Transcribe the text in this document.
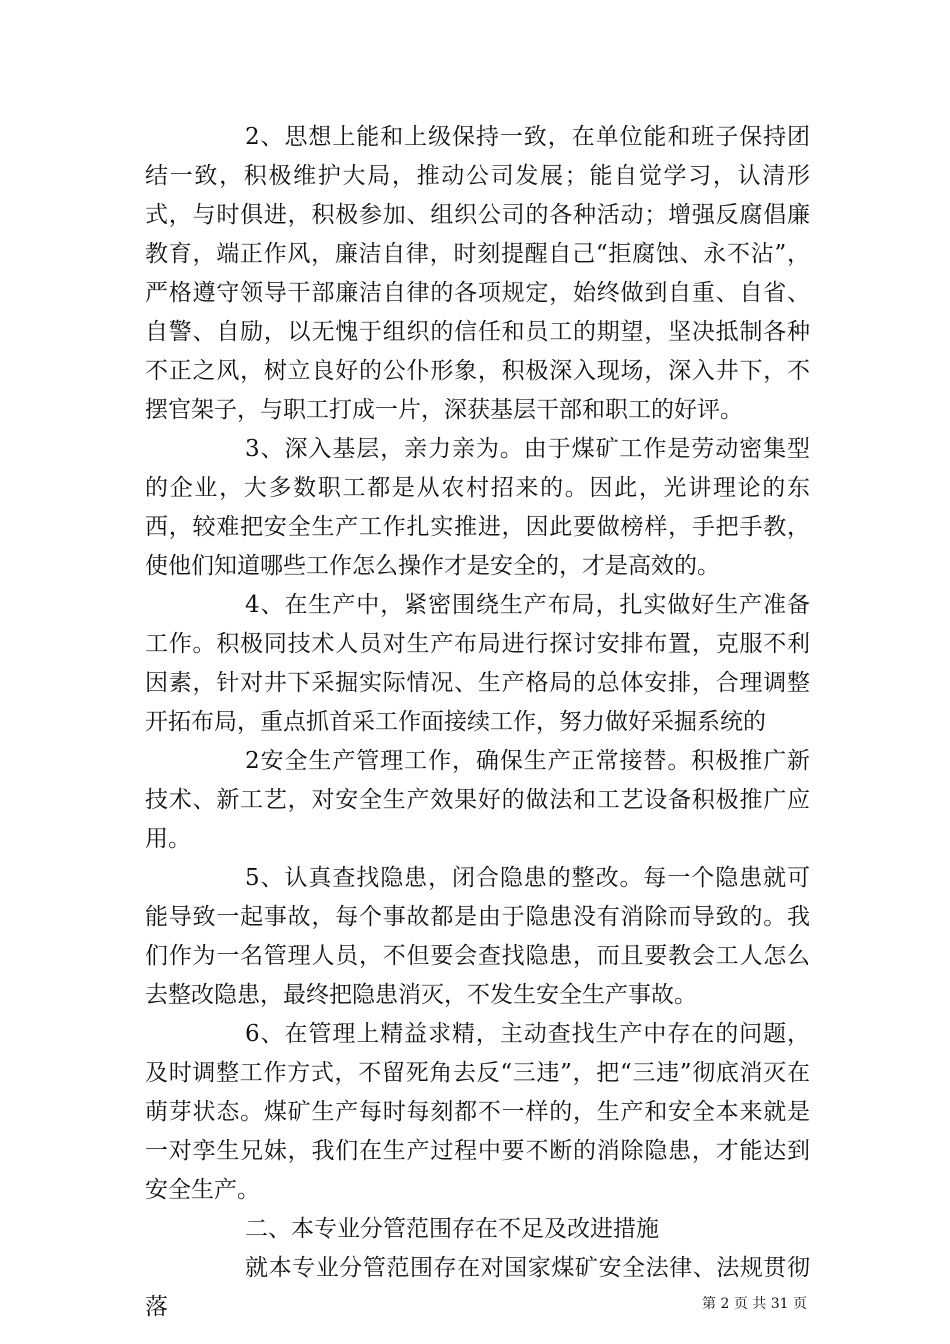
2、思想上能和上级保持一致，在单位能和班子保持团结一致，积极维护大局，推动公司发展；能自觉学习，认清形式，与时俱进，积极参加、组织公司的各种活动；增强反腐倡廉教育，端正作风，廉洁自律，时刻提醒自己“拒腐蚀、永不沾”，严格遵守领导干部廉洁自律的各项规定，始终做到自重、自省、自警、自励，以无愧于组织的信任和员工的期望，坚决抵制各种不正之风，树立良好的公仆形象，积极深入现场，深入井下，不摆官架子，与职工打成一片，深获基层干部和职工的好评。

3、深入基层，亲力亲为。由于煤矿工作是劳动密集型的企业，大多数职工都是从农村招来的。因此，光讲理论的东西，较难把安全生产工作扎实推进，因此要做榜样，手把手教，使他们知道哪些工作怎么操作才是安全的，才是高效的。

4、在生产中，紧密围绕生产布局，扎实做好生产准备工作。积极同技术人员对生产布局进行探讨安排布置，克服不利因素，针对井下采掘实际情况、生产格局的总体安排，合理调整开拓布局，重点抓首采工作面接续工作，努力做好采掘系统的

2安全生产管理工作，确保生产正常接替。积极推广新技术、新工艺，对安全生产效果好的做法和工艺设备积极推广应用。

5、认真查找隐患，闭合隐患的整改。每一个隐患就可能导致一起事故，每个事故都是由于隐患没有消除而导致的。我们作为一名管理人员，不但要会查找隐患，而且要教会工人怎么去整改隐患，最终把隐患消灭，不发生安全生产事故。

6、在管理上精益求精，主动查找生产中存在的问题，及时调整工作方式，不留死角去反“三违”，把“三违”彻底消灭在萌芽状态。煤矿生产每时每刻都不一样的，生产和安全本来就是一对孪生兄妹，我们在生产过程中要不断的消除隐患，才能达到安全生产。

二、本专业分管范围存在不足及改进措施

就本专业分管范围存在对国家煤矿安全法律、法规贯彻落	第 2 页 共 31 页
